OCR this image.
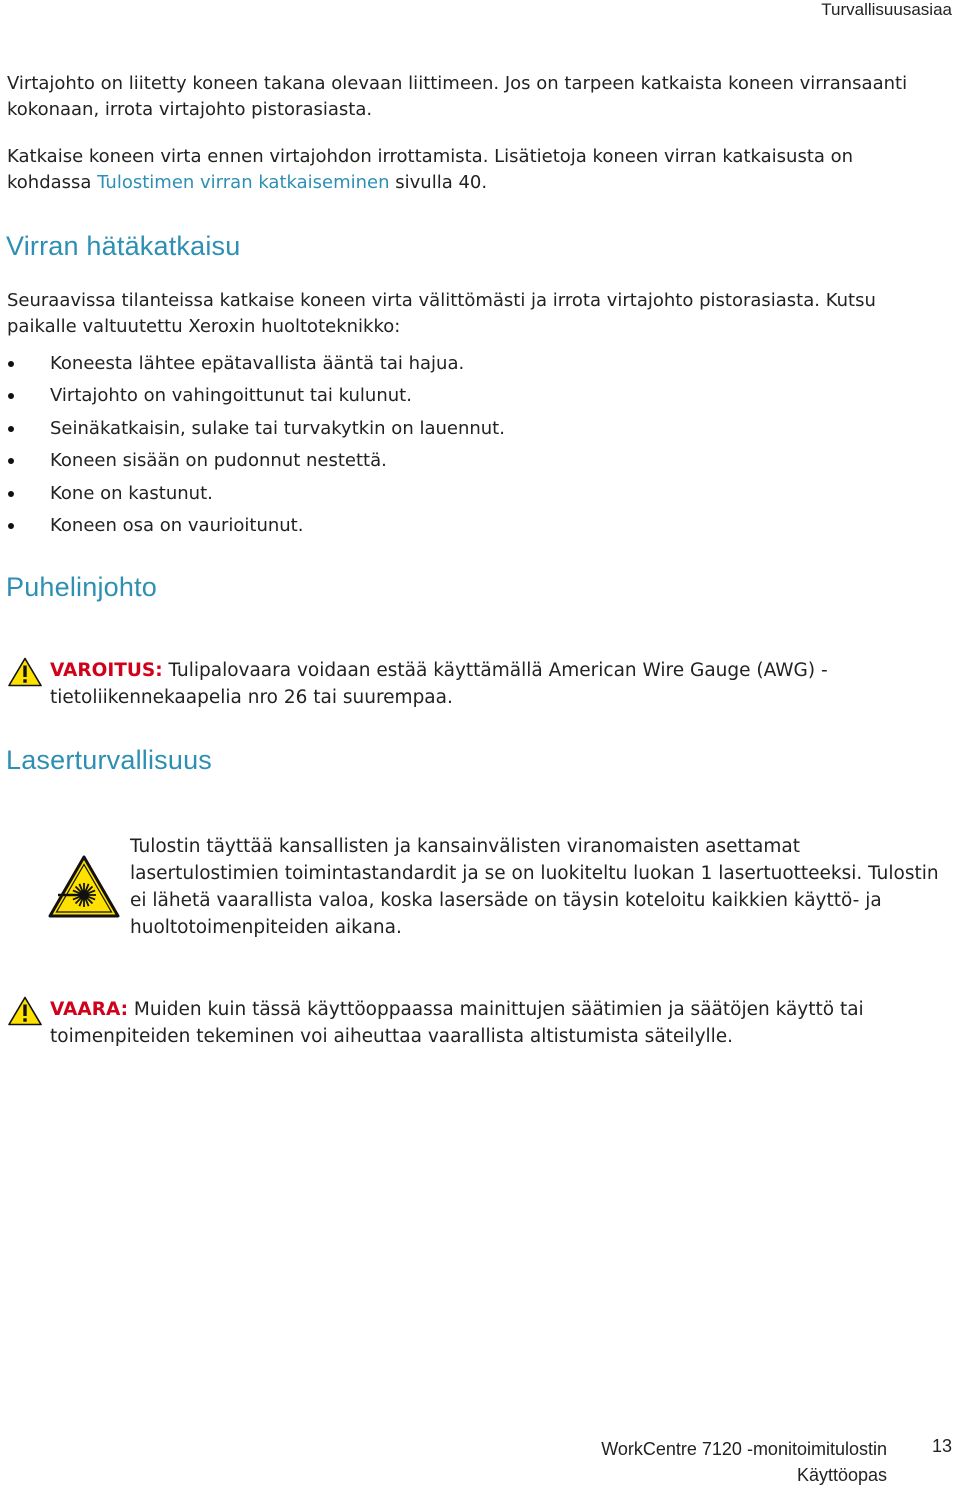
Turvallisuusasiaa
Virtajohto on liitetty koneen takana olevaan liittimeen. Jos on tarpeen katkaista koneen virransaanti kokonaan, irrota virtajohto pistorasiasta.
Katkaise koneen virta ennen virtajohdon irrottamista. Lisätietoja koneen virran katkaisusta on kohdassa Tulostimen virran katkaiseminen sivulla 40.
Virran hätäkatkaisu
Seuraavissa tilanteissa katkaise koneen virta välittömästi ja irrota virtajohto pistorasiasta. Kutsu paikalle valtuutettu Xeroxin huoltoteknikko:
Koneesta lähtee epätavallista ääntä tai hajua.
Virtajohto on vahingoittunut tai kulunut.
Seinäkatkaisin, sulake tai turvakytkin on lauennut.
Koneen sisään on pudonnut nestettä.
Kone on kastunut.
Koneen osa on vaurioitunut.
Puhelinjohto
VAROITUS: Tulipalovaara voidaan estää käyttämällä American Wire Gauge (AWG) -tietoliikennekaapelia nro 26 tai suurempaa.
Laserturvallisuus
Tulostin täyttää kansallisten ja kansainvälisten viranomaisten asettamat lasertulostimien toimintastandardit ja se on luokiteltu luokan 1 lasertuotteeksi. Tulostin ei lähetä vaarallista valoa, koska lasersäde on täysin koteloitu kaikkien käyttö- ja huoltotoimenpiteiden aikana.
VAARA: Muiden kuin tässä käyttöoppaassa mainittujen säätimien ja säätöjen käyttö tai toimenpiteiden tekeminen voi aiheuttaa vaarallista altistumista säteilylle.
WorkCentre 7120 -monitoimitulostin
Käyttöopas
13
